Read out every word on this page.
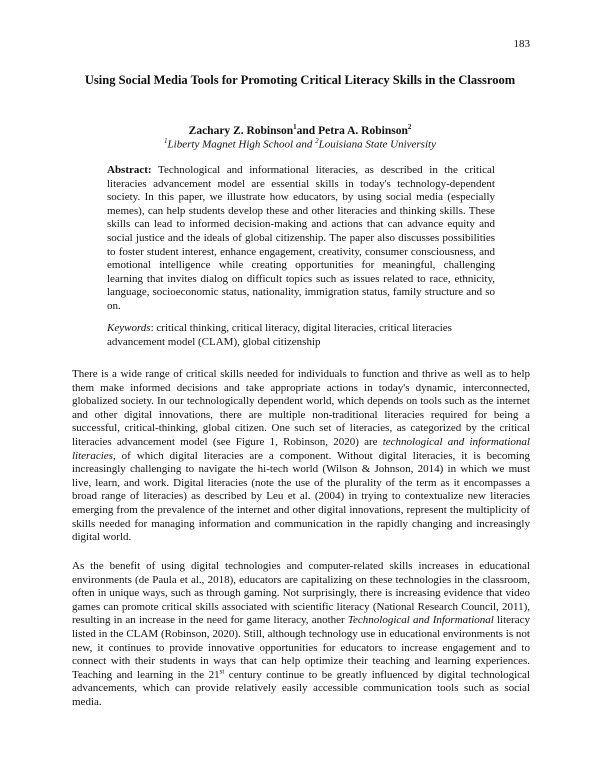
183
Using Social Media Tools for Promoting Critical Literacy Skills in the Classroom
Zachary Z. Robinson$^1$and Petra A. Robinson$^2$
$^1$Liberty Magnet High School and $^2$Louisiana State University
Abstract: Technological and informational literacies, as described in the critical literacies advancement model are essential skills in today's technology-dependent society. In this paper, we illustrate how educators, by using social media (especially memes), can help students develop these and other literacies and thinking skills. These skills can lead to informed decision-making and actions that can advance equity and social justice and the ideals of global citizenship. The paper also discusses possibilities to foster student interest, enhance engagement, creativity, consumer consciousness, and emotional intelligence while creating opportunities for meaningful, challenging learning that invites dialog on difficult topics such as issues related to race, ethnicity, language, socioeconomic status, nationality, immigration status, family structure and so on.
Keywords: critical thinking, critical literacy, digital literacies, critical literacies advancement model (CLAM), global citizenship
There is a wide range of critical skills needed for individuals to function and thrive as well as to help them make informed decisions and take appropriate actions in today's dynamic, interconnected, globalized society. In our technologically dependent world, which depends on tools such as the internet and other digital innovations, there are multiple non-traditional literacies required for being a successful, critical-thinking, global citizen. One such set of literacies, as categorized by the critical literacies advancement model (see Figure 1, Robinson, 2020) are technological and informational literacies, of which digital literacies are a component. Without digital literacies, it is becoming increasingly challenging to navigate the hi-tech world (Wilson & Johnson, 2014) in which we must live, learn, and work. Digital literacies (note the use of the plurality of the term as it encompasses a broad range of literacies) as described by Leu et al. (2004) in trying to contextualize new literacies emerging from the prevalence of the internet and other digital innovations, represent the multiplicity of skills needed for managing information and communication in the rapidly changing and increasingly digital world.
As the benefit of using digital technologies and computer-related skills increases in educational environments (de Paula et al., 2018), educators are capitalizing on these technologies in the classroom, often in unique ways, such as through gaming. Not surprisingly, there is increasing evidence that video games can promote critical skills associated with scientific literacy (National Research Council, 2011), resulting in an increase in the need for game literacy, another Technological and Informational literacy listed in the CLAM (Robinson, 2020). Still, although technology use in educational environments is not new, it continues to provide innovative opportunities for educators to increase engagement and to connect with their students in ways that can help optimize their teaching and learning experiences. Teaching and learning in the 21st century continue to be greatly influenced by digital technological advancements, which can provide relatively easily accessible communication tools such as social media.
